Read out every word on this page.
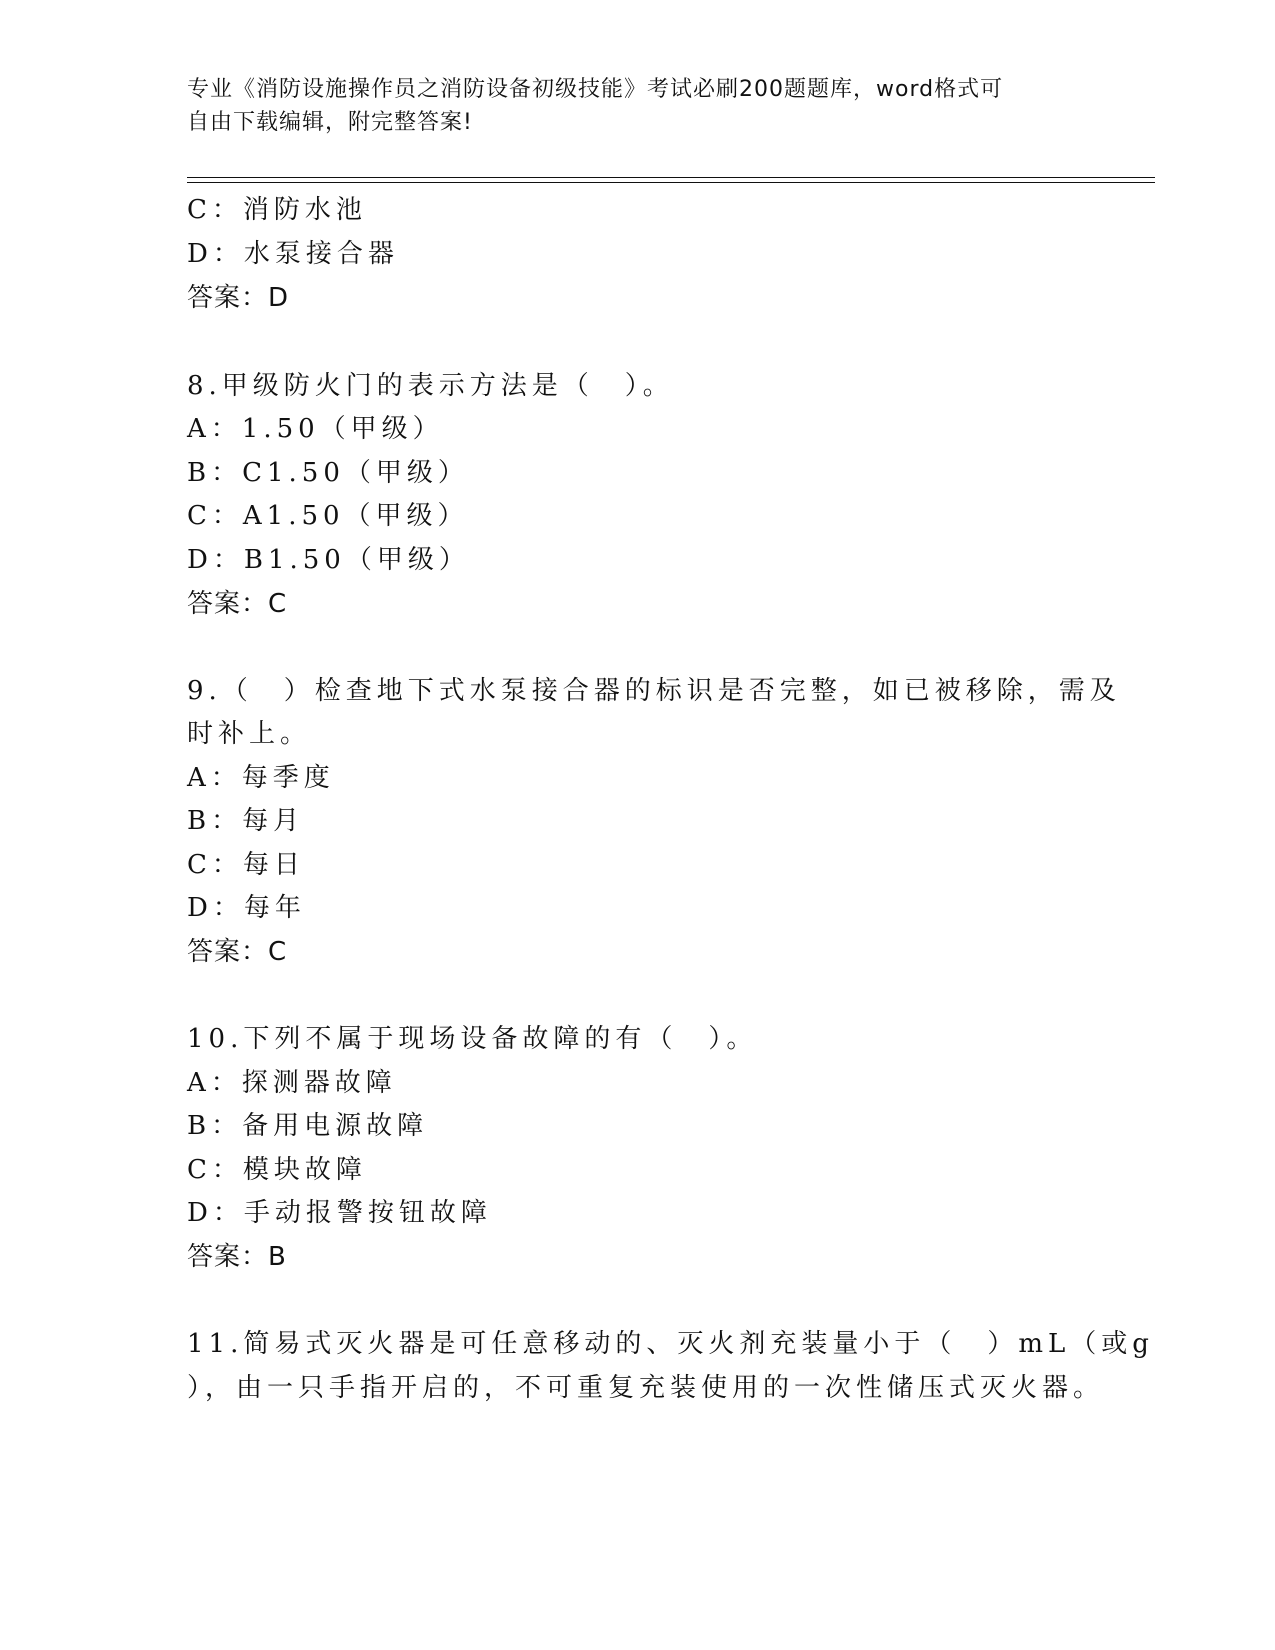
专业《消防设施操作员之消防设备初级技能》考试必刷200题题库，word格式可
自由下载编辑，附完整答案!
C：消防水池
D：水泵接合器
答案：D
8.甲级防火门的表示方法是（　）。
A：1.50（甲级）
B：C1.50（甲级）
C：A1.50（甲级）
D：B1.50（甲级）
答案：C
9.（　）检查地下式水泵接合器的标识是否完整，如已被移除，需及
时补上。
A：每季度
B：每月
C：每日
D：每年
答案：C
10.下列不属于现场设备故障的有（　）。
A：探测器故障
B：备用电源故障
C：模块故障
D：手动报警按钮故障
答案：B
11.简易式灭火器是可任意移动的、灭火剂充装量小于（　）mL（或g
），由一只手指开启的，不可重复充装使用的一次性储压式灭火器。
